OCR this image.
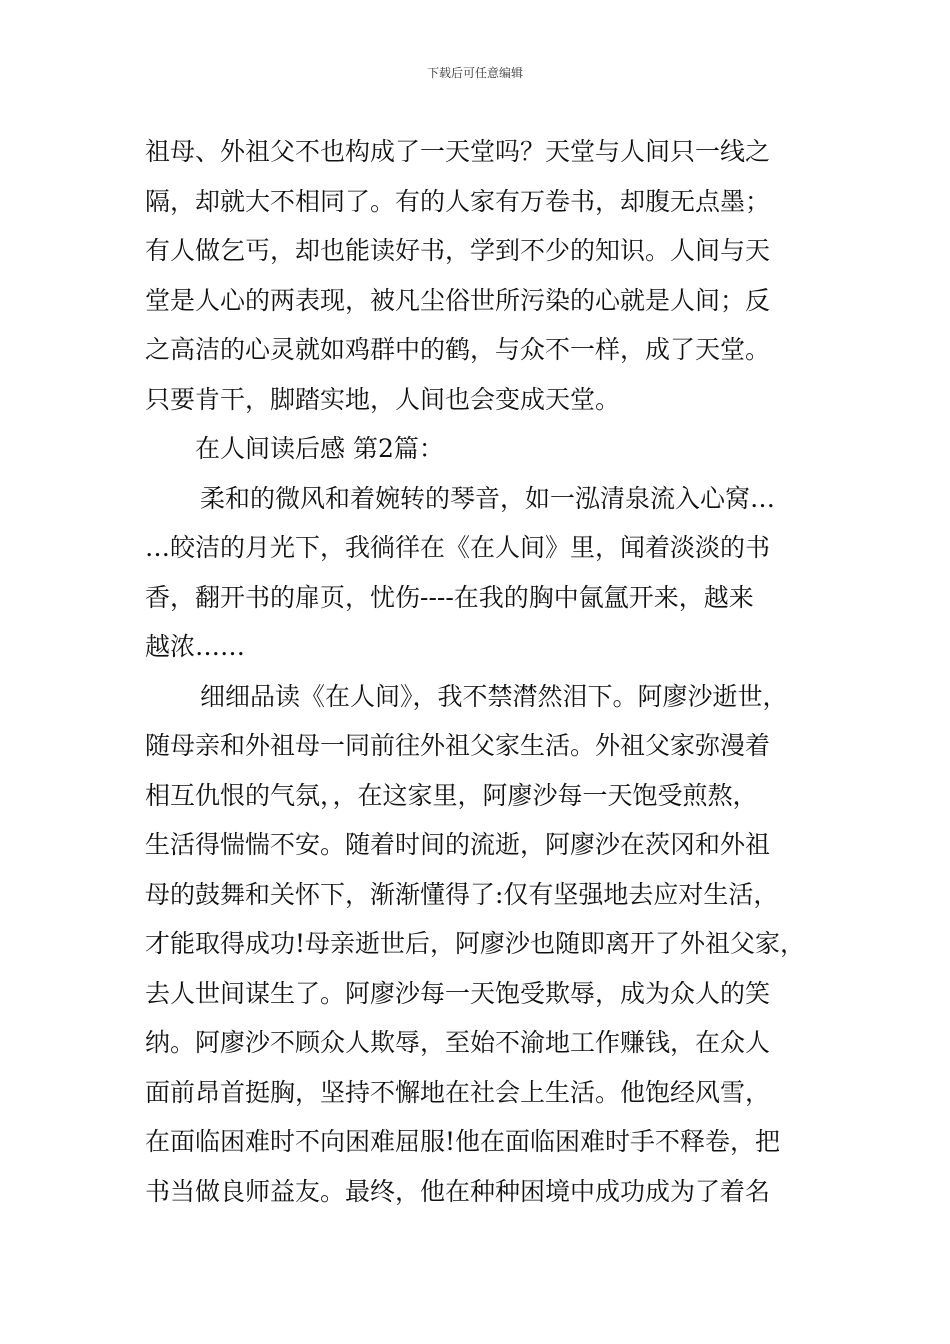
下载后可任意编辑
祖母、外祖父不也构成了一天堂吗？天堂与人间只一线之
隔，却就大不相同了。有的人家有万卷书，却腹无点墨；
有人做乞丐，却也能读好书，学到不少的知识。人间与天
堂是人心的两表现，被凡尘俗世所污染的心就是人间；反
之高洁的心灵就如鸡群中的鹤，与众不一样，成了天堂。
只要肯干，脚踏实地，人间也会变成天堂。
在人间读后感 第2篇：
柔和的微风和着婉转的琴音，如一泓清泉流入心窝…
…皎洁的月光下，我徜徉在《在人间》里，闻着淡淡的书
香，翻开书的扉页，忧伤----在我的胸中氤氲开来，越来
越浓……
细细品读《在人间》，我不禁潸然泪下。阿廖沙逝世，
随母亲和外祖母一同前往外祖父家生活。外祖父家弥漫着
相互仇恨的气氛，，在这家里，阿廖沙每一天饱受煎熬，
生活得惴惴不安。随着时间的流逝，阿廖沙在茨冈和外祖
母的鼓舞和关怀下，渐渐懂得了:仅有坚强地去应对生活，
才能取得成功!母亲逝世后，阿廖沙也随即离开了外祖父家，
去人世间谋生了。阿廖沙每一天饱受欺辱，成为众人的笑
纳。阿廖沙不顾众人欺辱，至始不渝地工作赚钱，在众人
面前昂首挺胸，坚持不懈地在社会上生活。他饱经风雪，
在面临困难时不向困难屈服!他在面临困难时手不释卷，把
书当做良师益友。最终，他在种种困境中成功成为了着名
